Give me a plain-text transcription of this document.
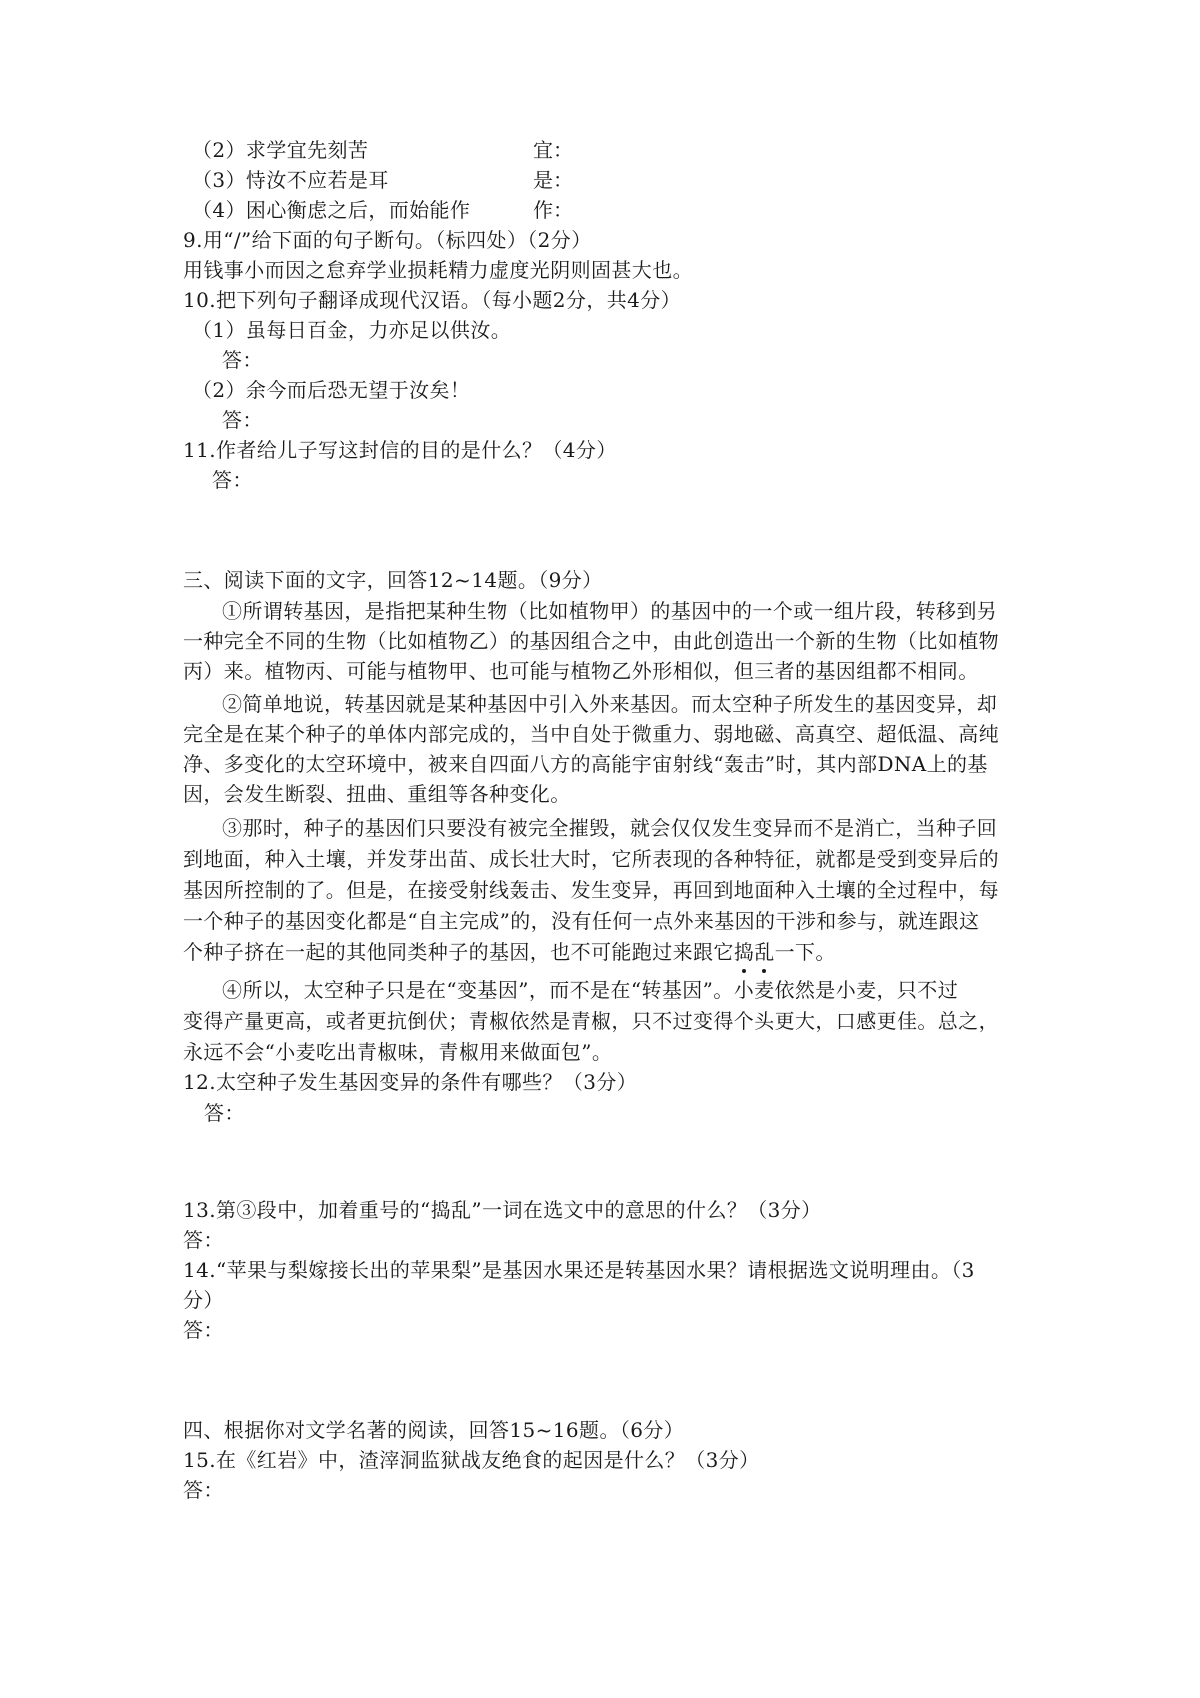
（2）求学宜先刻苦	宜：
（3）恃汝不应若是耳	是：
（4）困心衡虑之后，而始能作	作：
9.用“/”给下面的句子断句。（标四处）（2分）
用钱事小而因之怠弃学业损耗精力虚度光阴则固甚大也。
10.把下列句子翻译成现代汉语。（每小题2分，共4分）
（1）虽每日百金，力亦足以供汝。
答：
（2）余今而后恐无望于汝矣！
答：
11.作者给儿子写这封信的目的是什么？（4分）
答：
三、阅读下面的文字，回答12~14题。（9分）
①所谓转基因，是指把某种生物（比如植物甲）的基因中的一个或一组片段，转移到另
一种完全不同的生物（比如植物乙）的基因组合之中，由此创造出一个新的生物（比如植物
丙）来。植物丙、可能与植物甲、也可能与植物乙外形相似，但三者的基因组都不相同。
②简单地说，转基因就是某种基因中引入外来基因。而太空种子所发生的基因变异，却
完全是在某个种子的单体内部完成的，当中自处于微重力、弱地磁、高真空、超低温、高纯
净、多变化的太空环境中，被来自四面八方的高能宇宙射线“轰击”时，其内部DNA上的基
因，会发生断裂、扭曲、重组等各种变化。
③那时，种子的基因们只要没有被完全摧毁，就会仅仅发生变异而不是消亡，当种子回
到地面，种入土壤，并发芽出苗、成长壮大时，它所表现的各种特征，就都是受到变异后的
基因所控制的了。但是，在接受射线轰击、发生变异，再回到地面种入土壤的全过程中，每
一个种子的基因变化都是“自主完成”的，没有任何一点外来基因的干涉和参与，就连跟这
个种子挤在一起的其他同类种子的基因，也不可能跑过来跟它捣乱一下。
④所以，太空种子只是在“变基因”，而不是在“转基因”。小麦依然是小麦，只不过
变得产量更高，或者更抗倒伏；青椒依然是青椒，只不过变得个头更大，口感更佳。总之，
永远不会“小麦吃出青椒味，青椒用来做面包”。
12.太空种子发生基因变异的条件有哪些？（3分）
答：
13.第③段中，加着重号的“捣乱”一词在选文中的意思的什么？（3分）
答：
14.“苹果与梨嫁接长出的苹果梨”是基因水果还是转基因水果？请根据选文说明理由。（3
分）
答：
四、根据你对文学名著的阅读，回答15~16题。（6分）
15.在《红岩》中，渣滓洞监狱战友绝食的起因是什么？（3分）
答：
